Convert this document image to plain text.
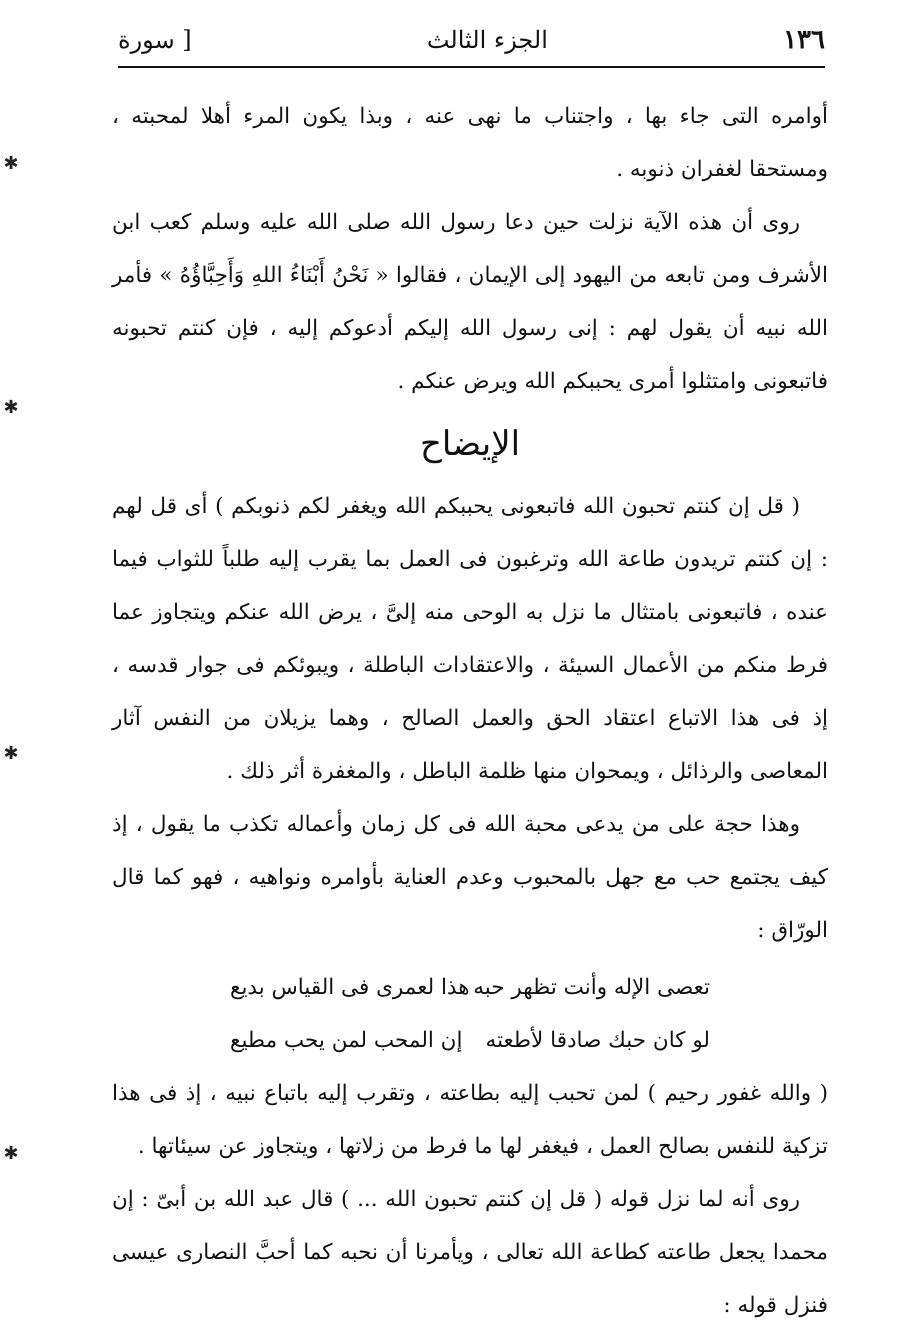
١٣٦
الجزء الثالث
[ سورة

أوامره التى جاء بها ، واجتناب ما نهى عنه ، وبذا يكون المرء أهلا لمحبته ، ومستحقا لغفران ذنوبه .

روى أن هذه الآية نزلت حين دعا رسول الله صلى الله عليه وسلم كعب ابن الأشرف ومن تابعه من اليهود إلى الإيمان ، فقالوا « نَحْنُ أَبْنَاءُ اللهِ وَأَحِبَّاؤُهُ » فأمر الله نبيه أن يقول لهم : إنى رسول الله إليكم أدعوكم إليه ، فإن كنتم تحبونه فاتبعونى وامتثلوا أمرى يحببكم الله ويرض عنكم .

الإيضاح

( قل إن كنتم تحبون الله فاتبعونى يحببكم الله ويغفر لكم ذنوبكم ) أى قل لهم : إن كنتم تريدون طاعة الله وترغبون فى العمل بما يقرب إليه طلباً للثواب فيما عنده ، فاتبعونى بامتثال ما نزل به الوحى منه إلىَّ ، يرض الله عنكم ويتجاوز عما فرط منكم من الأعمال السيئة ، والاعتقادات الباطلة ، ويبوئكم فى جوار قدسه ، إذ فى هذا الاتباع اعتقاد الحق والعمل الصالح ، وهما يزيلان من النفس آثار المعاصى والرذائل ، ويمحوان منها ظلمة الباطل ، والمغفرة أثر ذلك .

وهذا حجة على من يدعى محبة الله فى كل زمان وأعماله تكذب ما يقول ، إذ كيف يجتمع حب مع جهل بالمحبوب وعدم العناية بأوامره ونواهيه ، فهو كما قال الورّاق :

تعصى الإله وأنت تظهر حبه
هذا لعمرى فى القياس بديع
لو كان حبك صادقا لأطعته
إن المحب لمن يحب مطيع

( والله غفور رحيم ) لمن تحبب إليه بطاعته ، وتقرب إليه باتباع نبيه ، إذ فى هذا تزكية للنفس بصالح العمل ، فيغفر لها ما فرط من زلاتها ، ويتجاوز عن سيئاتها .

روى أنه لما نزل قوله ( قل إن كنتم تحبون الله ... ) قال عبد الله بن أبىّ : إن محمدا يجعل طاعته كطاعة الله تعالى ، ويأمرنا أن نحبه كما أحبَّ النصارى عيسى فنزل قوله :

✱
✱
✱
✱
